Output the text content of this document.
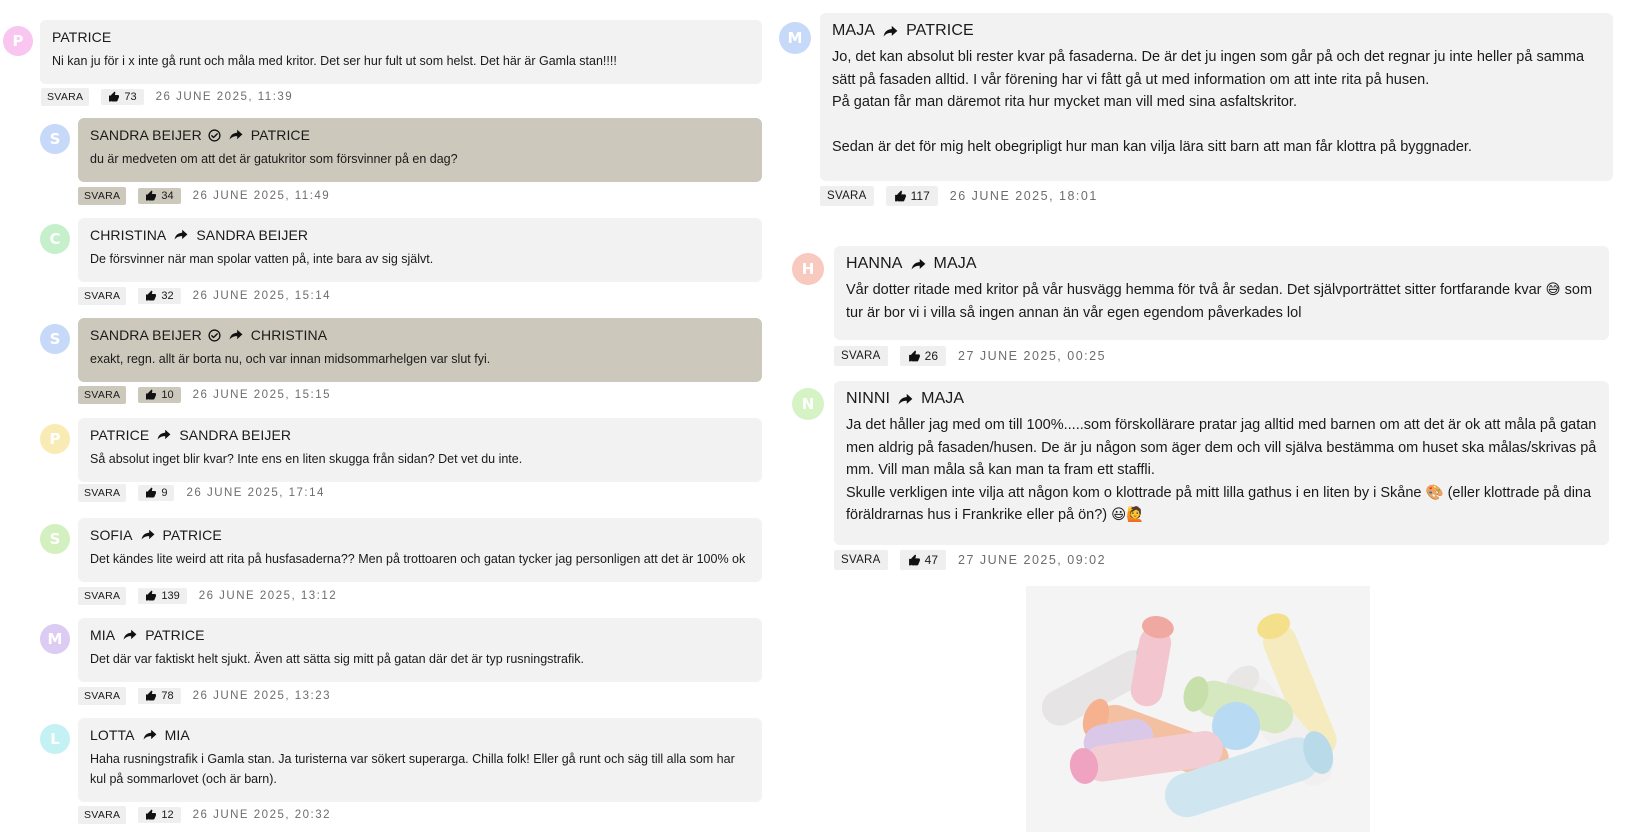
P	PATRICE
Ni kan ju för i x inte gå runt och måla med kritor. Det ser hur fult ut som helst. Det här är Gamla stan!!!!
SVARA	73 26 JUNE 2025, 11:39
S	SANDRA BEIJER	PATRICE
du är medveten om att det är gatukritor som försvinner på en dag?
SVARA	34 26 JUNE 2025, 11:49
C	CHRISTINA SANDRA BEIJER
De försvinner när man spolar vatten på, inte bara av sig självt.
SVARA	32 26 JUNE 2025, 15:14
S	SANDRA BEIJER	CHRISTINA
exakt, regn. allt är borta nu, och var innan midsommarhelgen var slut fyi.
SVARA	10 26 JUNE 2025, 15:15
P	PATRICE SANDRA BEIJER
Så absolut inget blir kvar? Inte ens en liten skugga från sidan? Det vet du inte.
SVARA	9 26 JUNE 2025, 17:14
S	SOFIA PATRICE
Det kändes lite weird att rita på husfasaderna?? Men på trottoaren och gatan tycker jag personligen att det är 100% ok
SVARA	139 26 JUNE 2025, 13:12
M	MIA PATRICE
Det där var faktiskt helt sjukt. Även att sätta sig mitt på gatan där det är typ rusningstrafik.
SVARA	78 26 JUNE 2025, 13:23
L	LOTTA MIA
Haha rusningstrafik i Gamla stan. Ja turisterna var sökert superarga. Chilla folk! Eller gå runt och säg till alla som har kul på sommarlovet (och är barn).
SVARA	12 26 JUNE 2025, 20:32
M	MAJA PATRICE
Jo, det kan absolut bli rester kvar på fasaderna. De är det ju ingen som går på och det regnar ju inte heller på samma sätt på fasaden alltid. I vår förening har vi fått gå ut med information om att inte rita på husen.
På gatan får man däremot rita hur mycket man vill med sina asfaltskritor.
Sedan är det för mig helt obegripligt hur man kan vilja lära sitt barn att man får klottra på byggnader.
SVARA	117 26 JUNE 2025, 18:01
H	HANNA MAJA
Vår dotter ritade med kritor på vår husvägg hemma för två år sedan. Det självporträttet sitter fortfarande kvar 😅 som tur är bor vi i villa så ingen annan än vår egen egendom påverkades lol
SVARA	26 27 JUNE 2025, 00:25
N	NINNI MAJA
Ja det håller jag med om till 100%.....som förskollärare pratar jag alltid med barnen om att det är ok att måla på gatan men aldrig på fasaden/husen. De är ju någon som äger dem och vill själva bestämma om huset ska målas/skrivas på mm. Vill man måla så kan man ta fram ett staffli.
Skulle verkligen inte vilja att någon kom o klottrade på mitt lilla gathus i en liten by i Skåne 🎨 (eller klottrade på dina föräldrarnas hus i Frankrike eller på ön?) 😃🙋
SVARA	47 27 JUNE 2025, 09:02
